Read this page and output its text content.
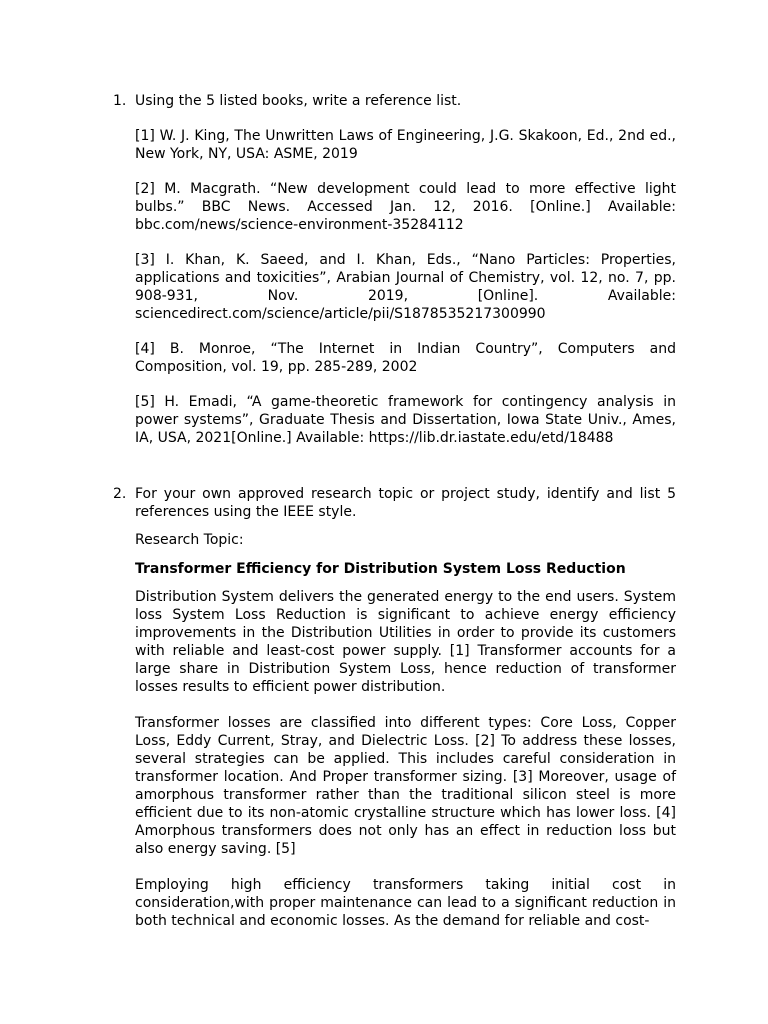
1. Using the 5 listed books, write a reference list.

[1] W. J. King, The Unwritten Laws of Engineering, J.G. Skakoon, Ed., 2nd ed., New York, NY, USA: ASME, 2019

[2] M. Macgrath. “New development could lead to more effective light bulbs.” BBC News. Accessed Jan. 12, 2016. [Online.] Available: bbc.com/news/science-environment-35284112

[3] I. Khan, K. Saeed, and I. Khan, Eds., “Nano Particles: Properties, applications and toxicities”, Arabian Journal of Chemistry, vol. 12, no. 7, pp. 908-931, Nov. 2019, [Online]. Available: sciencedirect.com/science/article/pii/S1878535217300990

[4] B. Monroe, “The Internet in Indian Country”, Computers and Composition, vol. 19, pp. 285-289, 2002

[5] H. Emadi, “A game-theoretic framework for contingency analysis in power systems”, Graduate Thesis and Dissertation, Iowa State Univ., Ames, IA, USA, 2021[Online.] Available: https://lib.dr.iastate.edu/etd/18488

2. For your own approved research topic or project study, identify and list 5 references using the IEEE style.

Research Topic:

Transformer Efficiency for Distribution System Loss Reduction

Distribution System delivers the generated energy to the end users. System loss System Loss Reduction is significant to achieve energy efficiency improvements in the Distribution Utilities in order to provide its customers with reliable and least-cost power supply. [1] Transformer accounts for a large share in Distribution System Loss, hence reduction of transformer losses results to efficient power distribution.

Transformer losses are classified into different types: Core Loss, Copper Loss, Eddy Current, Stray, and Dielectric Loss. [2] To address these losses, several strategies can be applied. This includes careful consideration in transformer location. And Proper transformer sizing. [3] Moreover, usage of amorphous transformer rather than the traditional silicon steel is more efficient due to its non-atomic crystalline structure which has lower loss. [4] Amorphous transformers does not only has an effect in reduction loss but also energy saving. [5]

Employing high efficiency transformers taking initial cost in consideration,with proper maintenance can lead to a significant reduction in both technical and economic losses. As the demand for reliable and cost-
